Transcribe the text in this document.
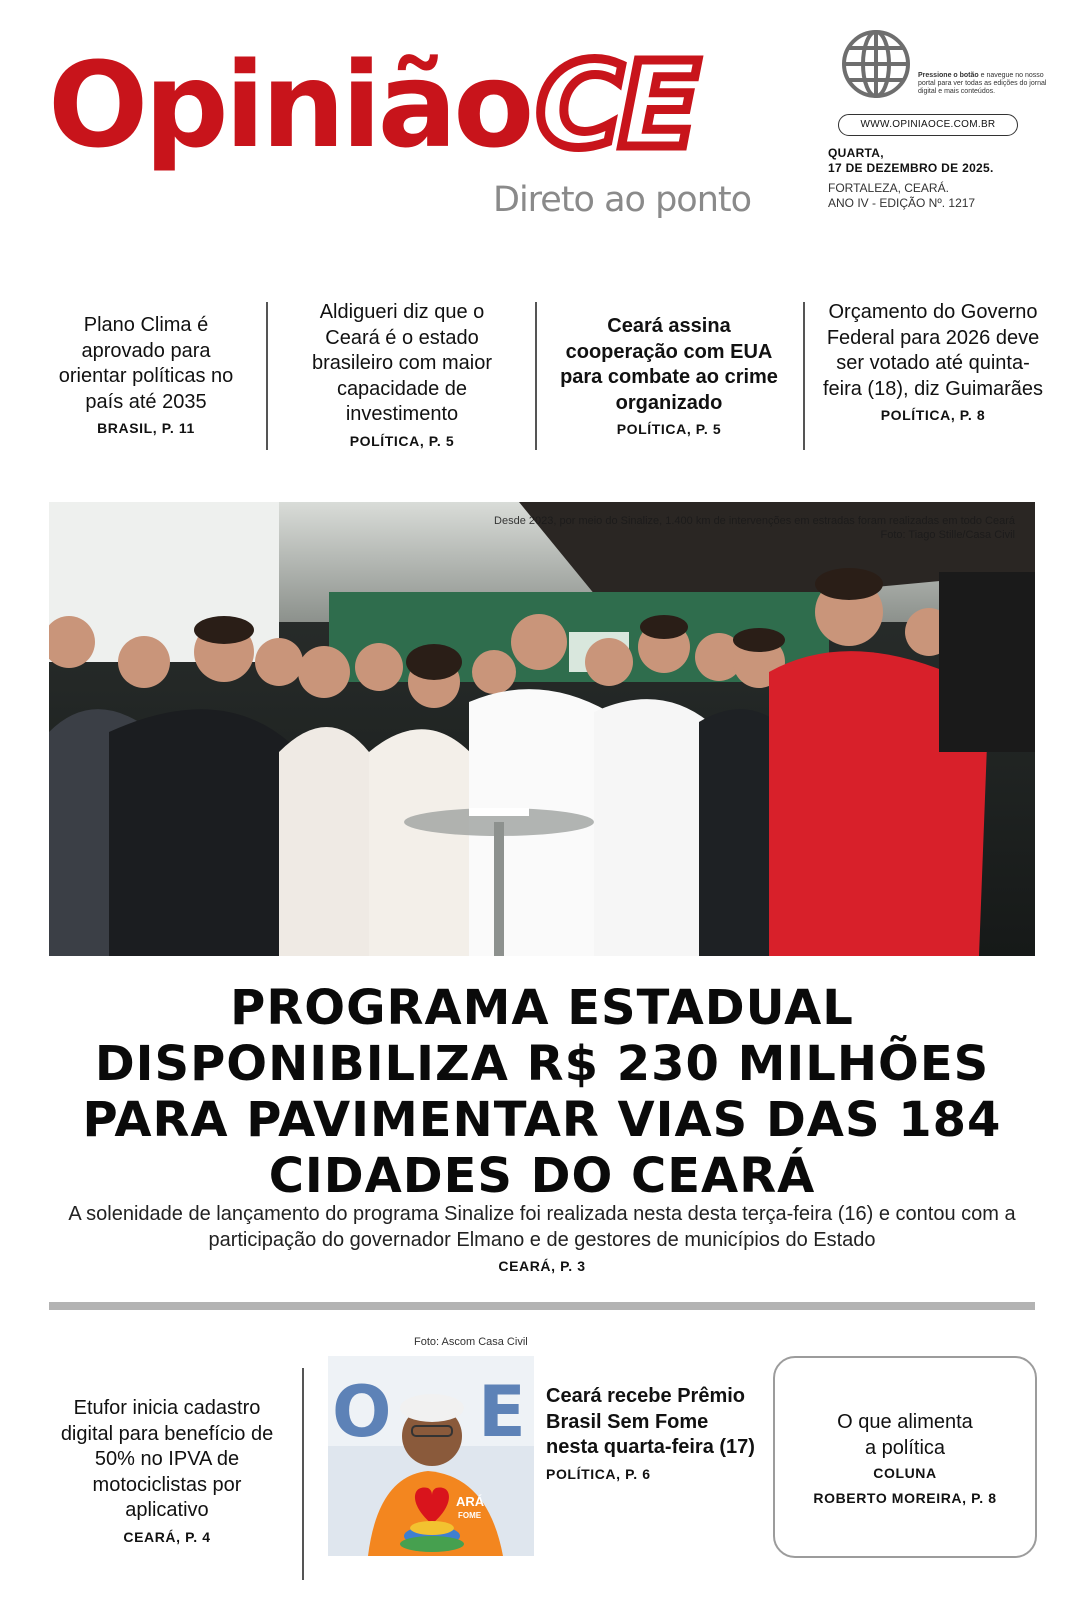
OpiniãoCE
Direto ao ponto
Pressione o botão e navegue no nosso portal para ver todas as edições do jornal digital e mais conteúdos.
WWW.OPINIAOCE.COM.BR
QUARTA,
17 DE DEZEMBRO DE 2025.
FORTALEZA, CEARÁ.
ANO IV - EDIÇÃO Nº. 1217
Plano Clima é aprovado para orientar políticas no país até 2035
BRASIL, P. 11
Aldigueri diz que o Ceará é o estado brasileiro com maior capacidade de investimento
POLÍTICA, P. 5
Ceará assina cooperação com EUA para combate ao crime organizado
POLÍTICA, P. 5
Orçamento do Governo Federal para 2026 deve ser votado até quinta-feira (18), diz Guimarães
POLÍTICA, P. 8
Desde 2023, por meio do Sinalize, 1.400 km de intervenções em estradas foram realizadas em todo Ceará
Foto: Tiago Stille/Casa Civil
PROGRAMA ESTADUAL DISPONIBILIZA R$ 230 MILHÕES PARA PAVIMENTAR VIAS DAS 184 CIDADES DO CEARÁ
A solenidade de lançamento do programa Sinalize foi realizada nesta desta terça-feira (16) e contou com a participação do governador Elmano e de gestores de municípios do Estado
CEARÁ, P. 3
Etufor inicia cadastro digital para benefício de 50% no IPVA de motociclistas por aplicativo
CEARÁ, P. 4
Foto: Ascom Casa Civil
O E
ARÁ
FOME
Ceará recebe Prêmio Brasil Sem Fome nesta quarta-feira (17)
POLÍTICA, P. 6
O que alimenta a política
COLUNA
ROBERTO MOREIRA, P. 8
